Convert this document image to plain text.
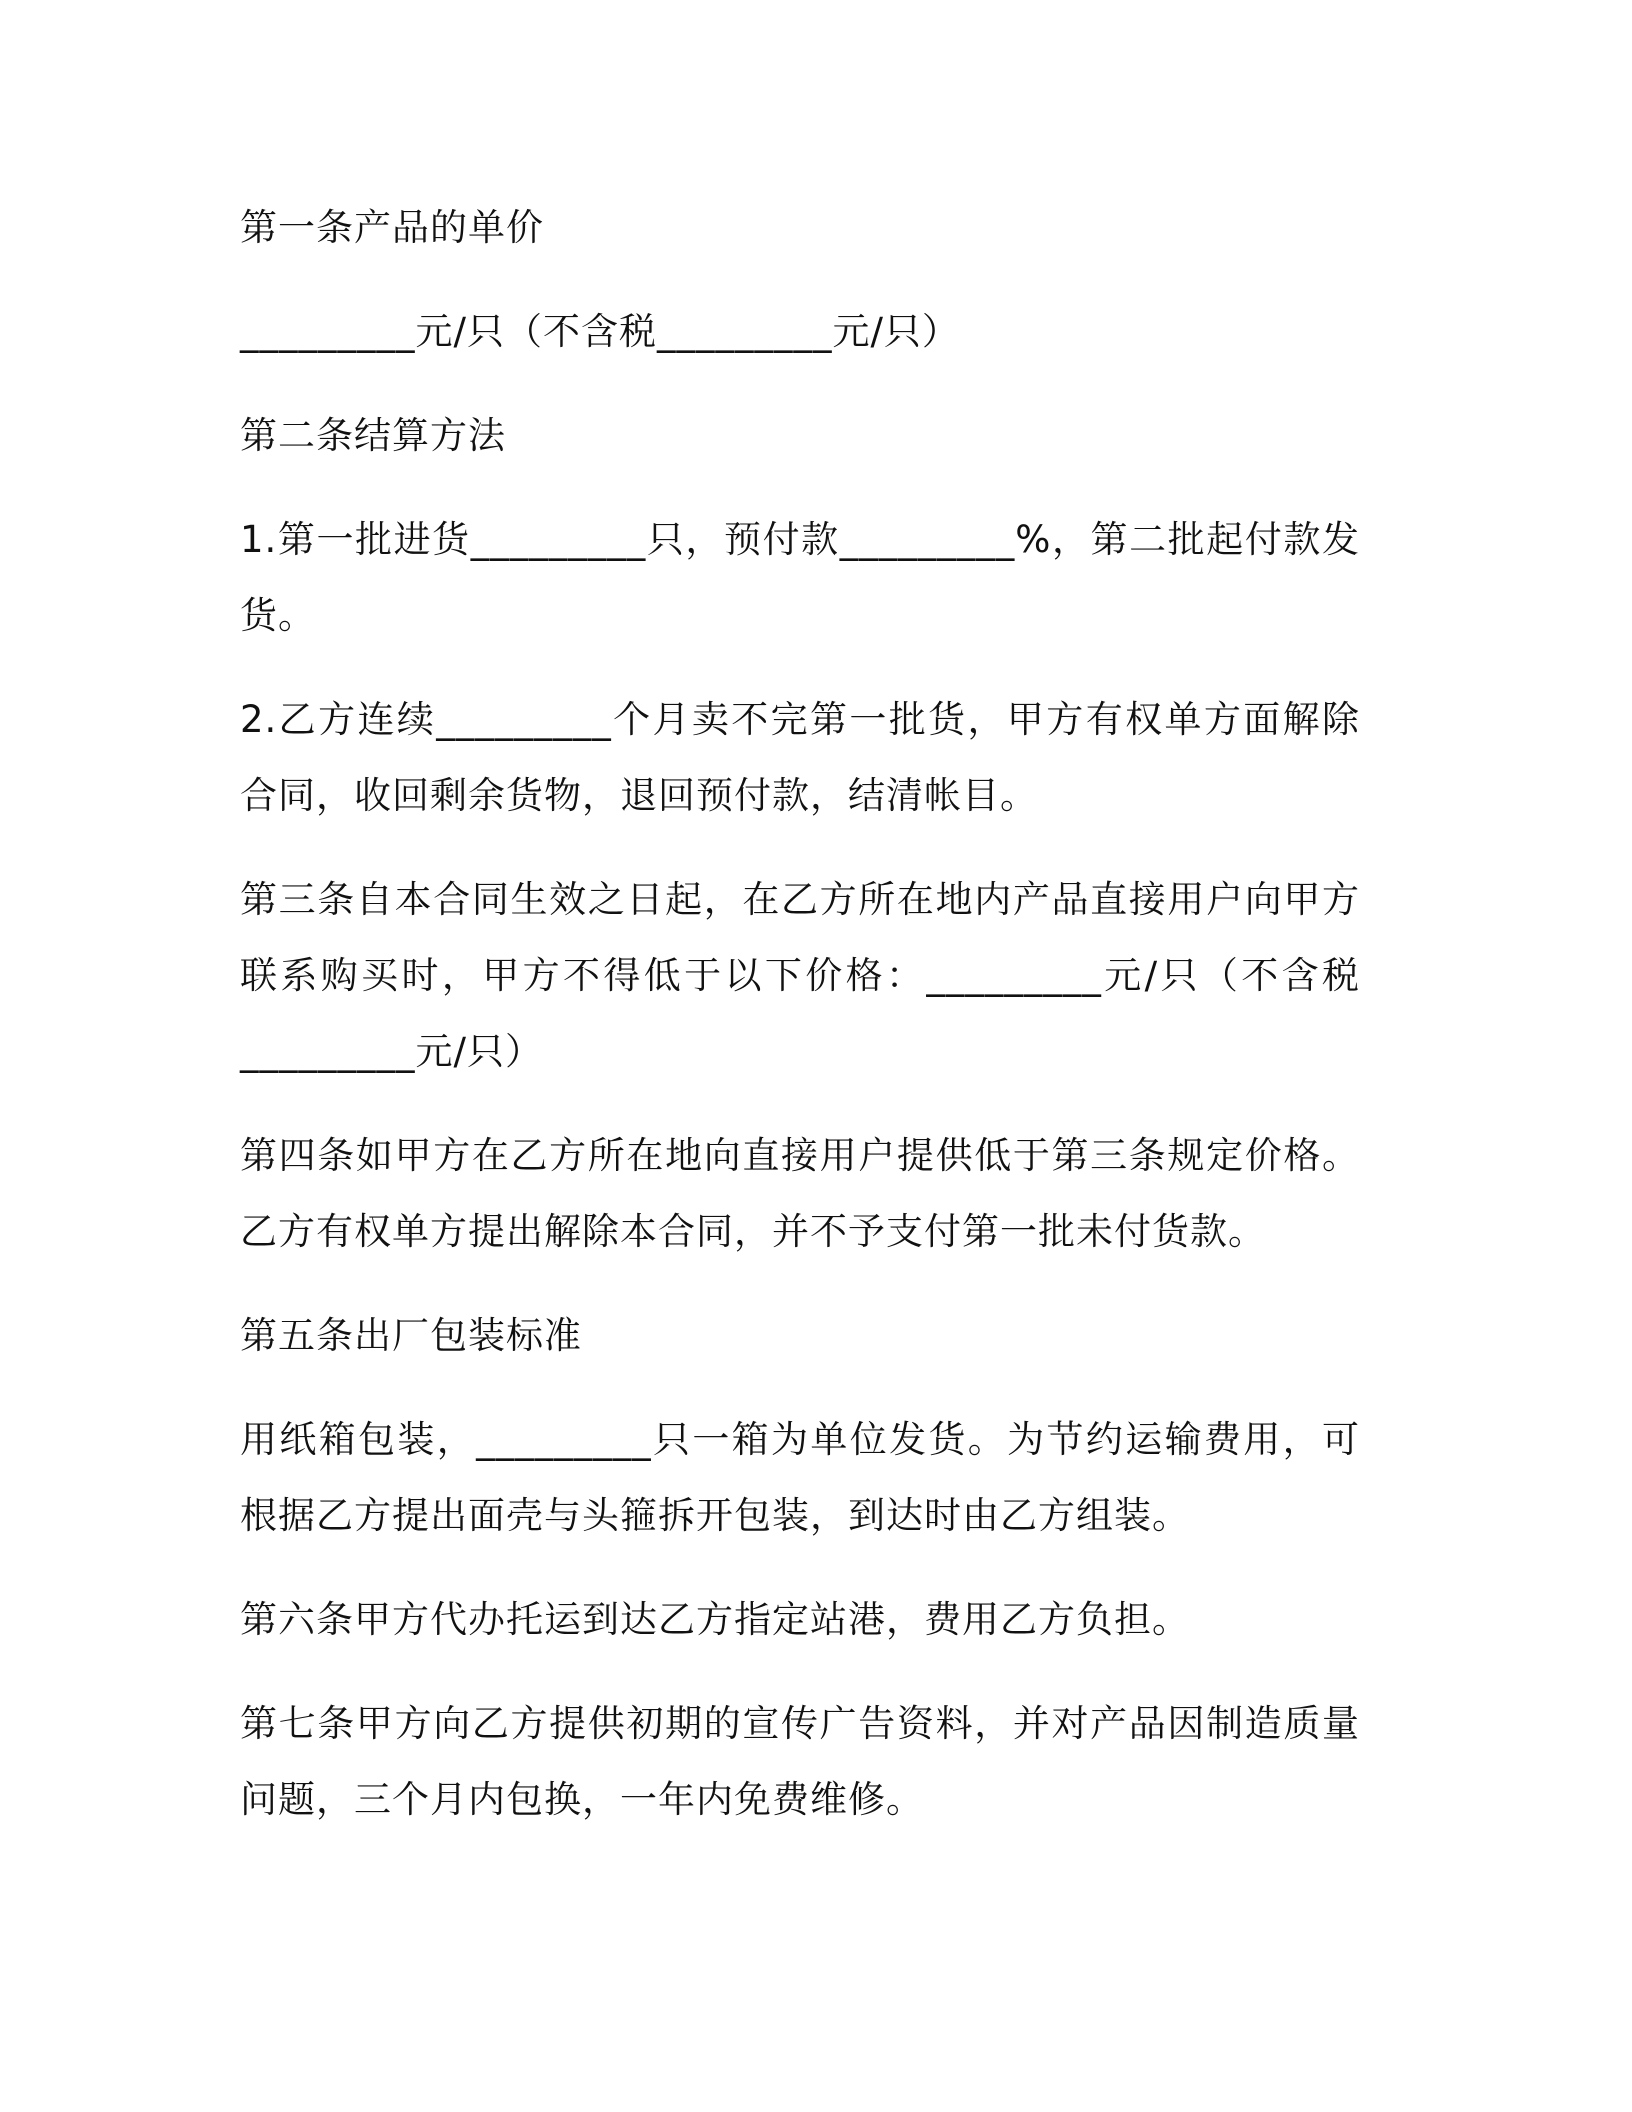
第一条产品的单价

_________元/只（不含税_________元/只）

第二条结算方法

1.第一批进货_________只，预付款_________%，第二批起付款发货。

2.乙方连续_________个月卖不完第一批货，甲方有权单方面解除合同，收回剩余货物，退回预付款，结清帐目。

第三条自本合同生效之日起，在乙方所在地内产品直接用户向甲方联系购买时，甲方不得低于以下价格：_________元/只（不含税_________元/只）

第四条如甲方在乙方所在地向直接用户提供低于第三条规定价格。乙方有权单方提出解除本合同，并不予支付第一批未付货款。

第五条出厂包装标准

用纸箱包装，_________只一箱为单位发货。为节约运输费用，可根据乙方提出面壳与头箍拆开包装，到达时由乙方组装。

第六条甲方代办托运到达乙方指定站港，费用乙方负担。

第七条甲方向乙方提供初期的宣传广告资料，并对产品因制造质量问题，三个月内包换，一年内免费维修。
